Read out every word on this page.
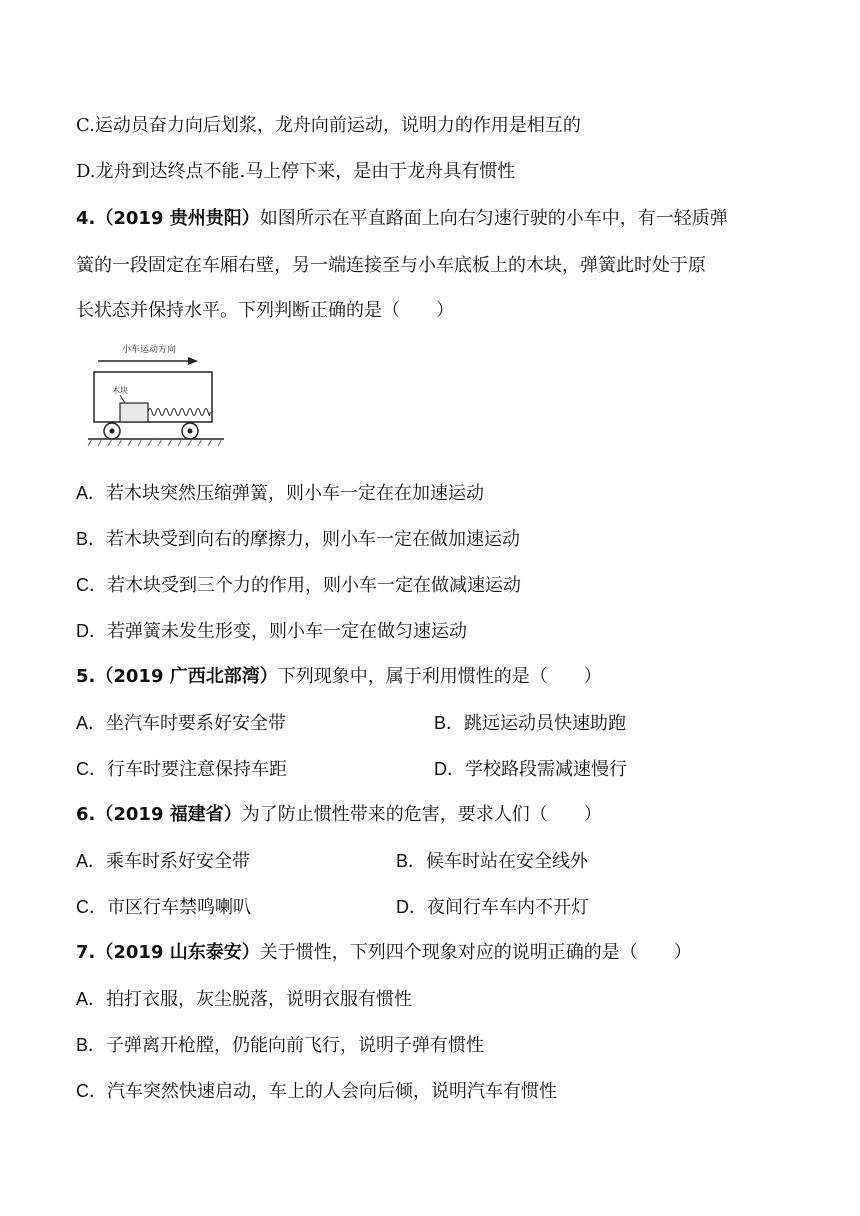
C.运动员奋力向后划浆，龙舟向前运动，说明力的作用是相互的
D.龙舟到达终点不能.马上停下来，是由于龙舟具有惯性
4.（2019 贵州贵阳）如图所示在平直路面上向右匀速行驶的小车中，有一轻质弹
簧的一段固定在车厢右壁，另一端连接至与小车底板上的木块，弹簧此时处于原
长状态并保持水平。下列判断正确的是（　　）
小车运动方向
木块
A．若木块突然压缩弹簧，则小车一定在在加速运动
B．若木块受到向右的摩擦力，则小车一定在做加速运动
C．若木块受到三个力的作用，则小车一定在做减速运动
D．若弹簧未发生形变，则小车一定在做匀速运动
5.（2019 广西北部湾）下列现象中，属于利用惯性的是（　　）
A．坐汽车时要系好安全带	B．跳远运动员快速助跑
C．行车时要注意保持车距	D．学校路段需减速慢行
6.（2019 福建省）为了防止惯性带来的危害，要求人们（　　）
A．乘车时系好安全带	B．候车时站在安全线外
C．市区行车禁鸣喇叭	D．夜间行车车内不开灯
7.（2019 山东泰安）关于惯性，下列四个现象对应的说明正确的是（　　）
A．拍打衣服，灰尘脱落，说明衣服有惯性
B．子弹离开枪膛，仍能向前飞行，说明子弹有惯性
C．汽车突然快速启动，车上的人会向后倾，说明汽车有惯性
